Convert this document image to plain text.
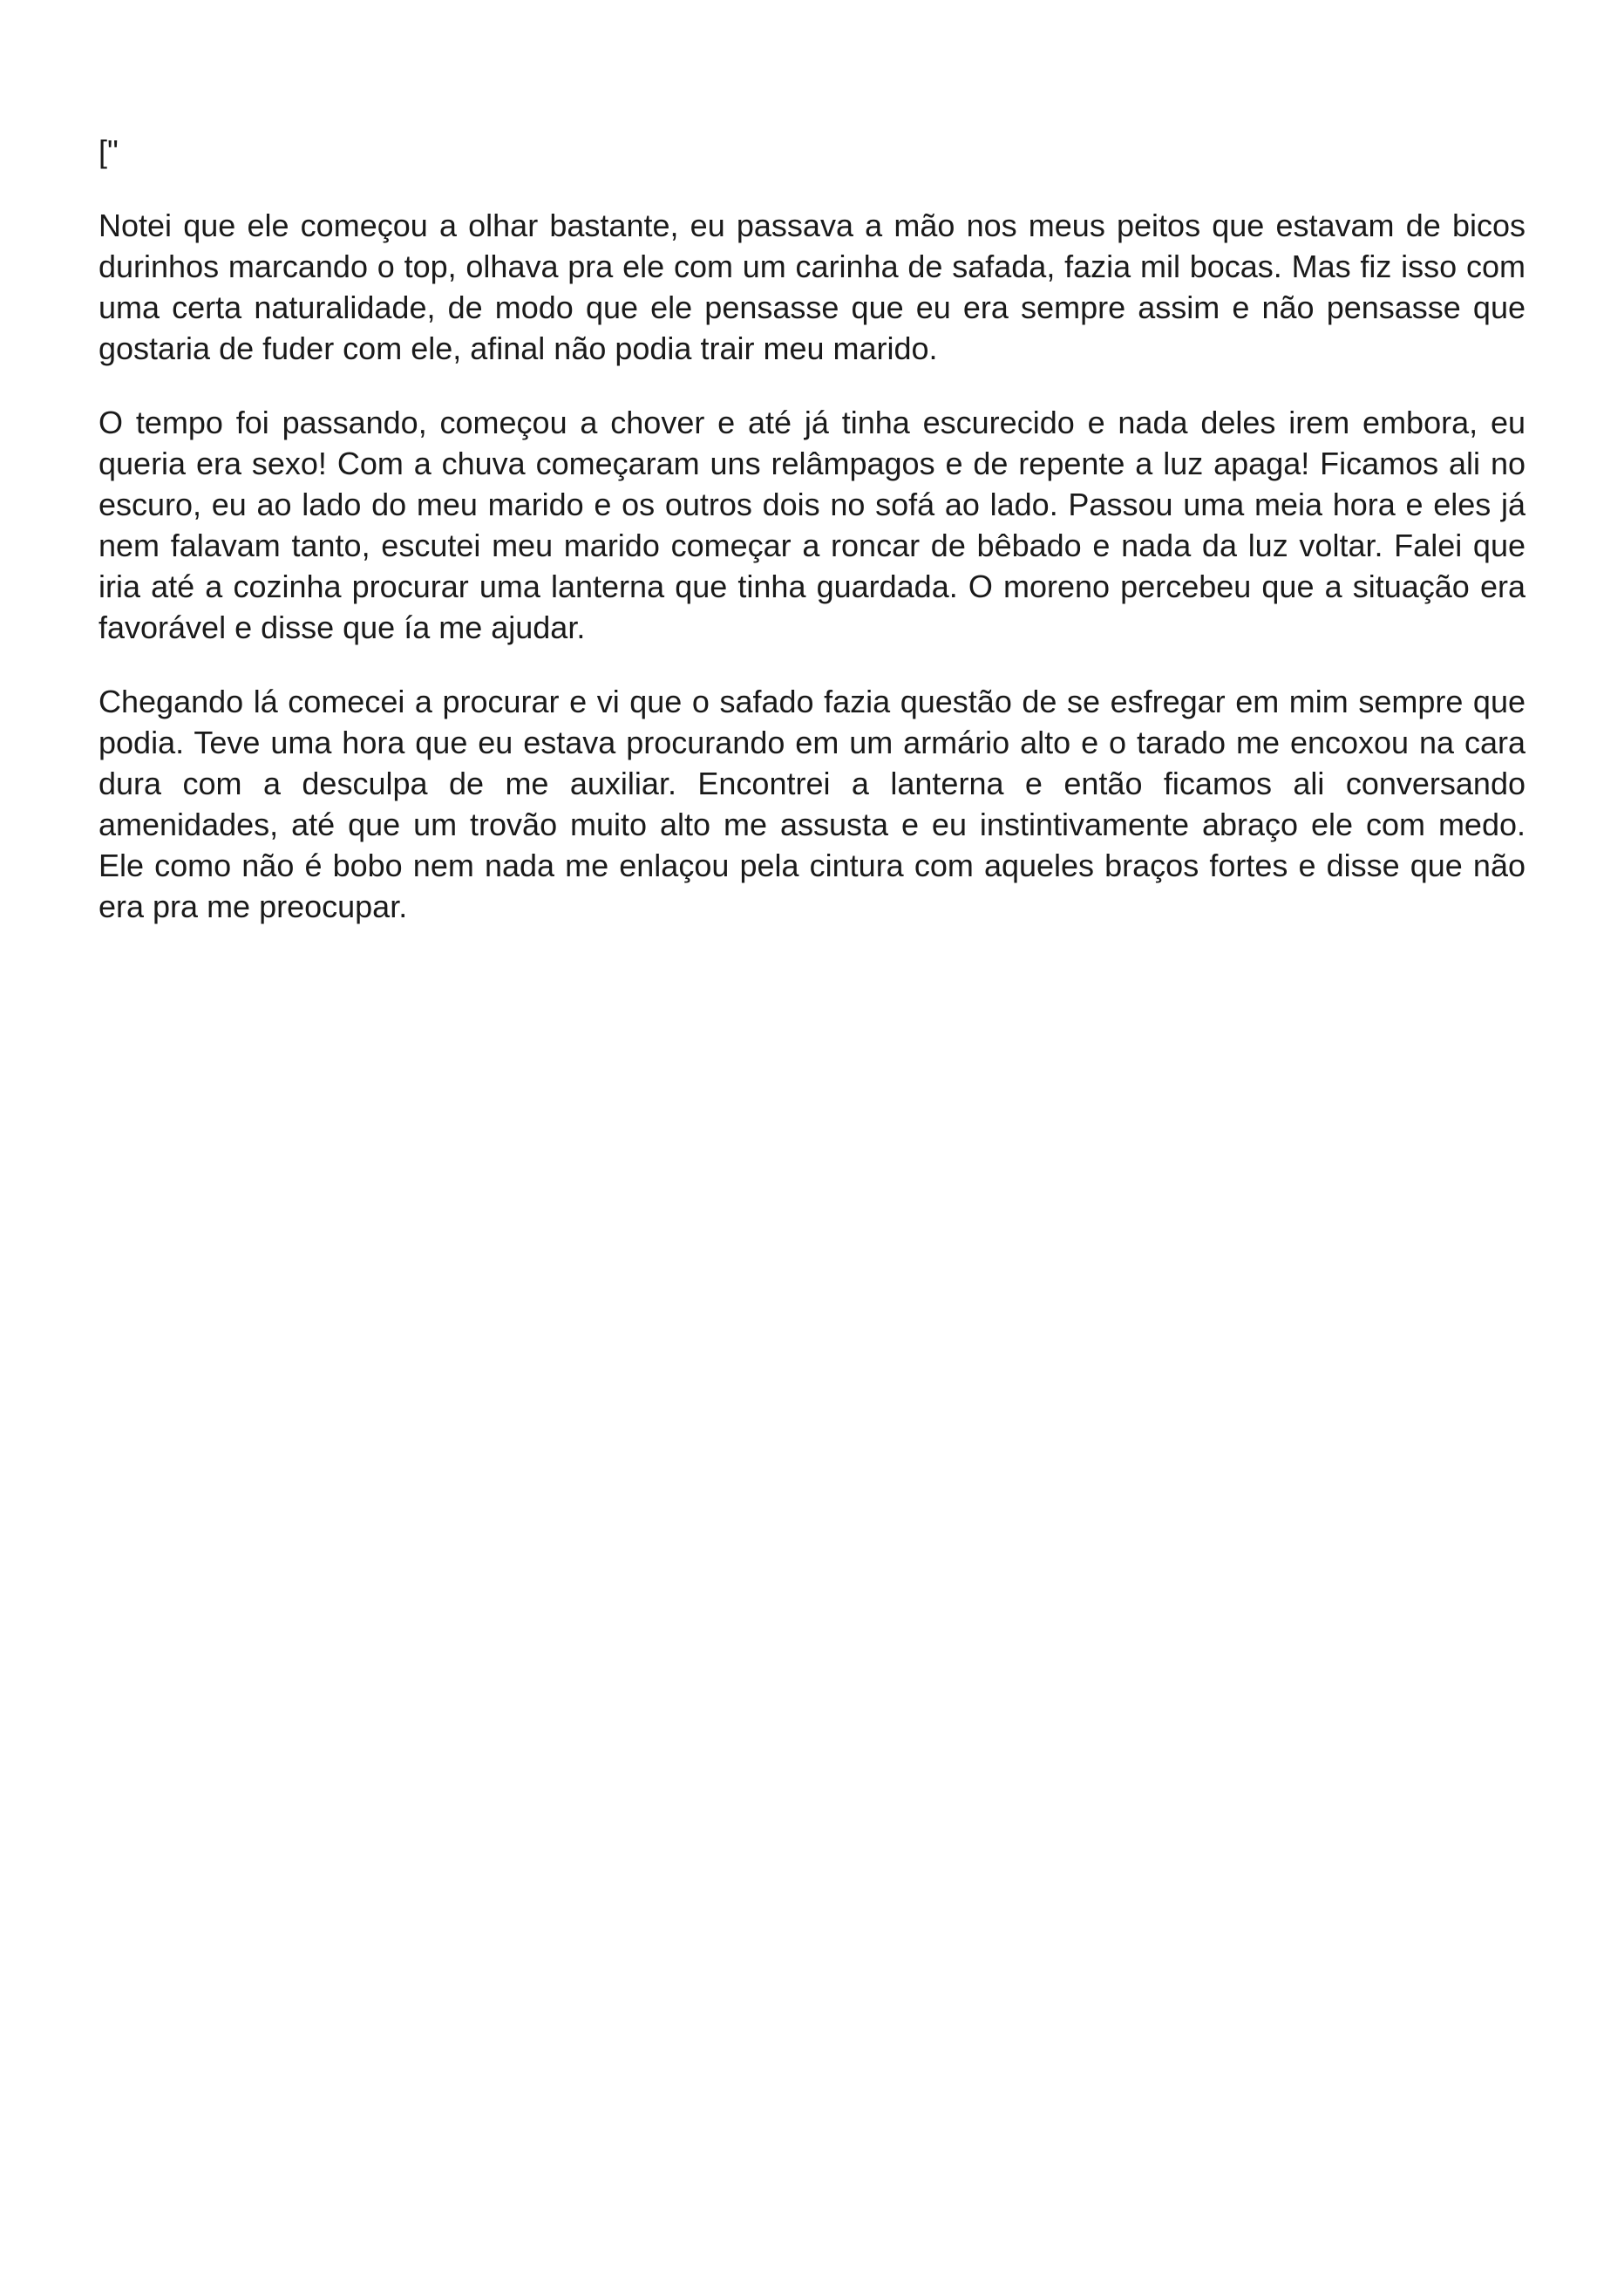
["
Notei que ele começou a olhar bastante, eu passava a mão nos meus peitos que estavam de bicos
durinhos marcando o top, olhava pra ele com um carinha de safada, fazia mil bocas. Mas fiz isso com
uma certa naturalidade, de modo que ele pensasse que eu era sempre assim e não pensasse que
gostaria de fuder com ele, afinal não podia trair meu marido.
O tempo foi passando, começou a chover e até já tinha escurecido e nada deles irem embora, eu
queria era sexo! Com a chuva começaram uns relâmpagos e de repente a luz apaga! Ficamos ali no
escuro, eu ao lado do meu marido e os outros dois no sofá ao lado. Passou uma meia hora e eles já
nem falavam tanto, escutei meu marido começar a roncar de bêbado e nada da luz voltar. Falei que
iria até a cozinha procurar uma lanterna que tinha guardada. O moreno percebeu que a situação era
favorável e disse que ía me ajudar.
Chegando lá comecei a procurar e vi que o safado fazia questão de se esfregar em mim sempre que
podia. Teve uma hora que eu estava procurando em um armário alto e o tarado me encoxou na cara
dura com a desculpa de me auxiliar. Encontrei a lanterna e então ficamos ali conversando
amenidades, até que um trovão muito alto me assusta e eu instintivamente abraço ele com medo.
Ele como não é bobo nem nada me enlaçou pela cintura com aqueles braços fortes e disse que não
era pra me preocupar.
